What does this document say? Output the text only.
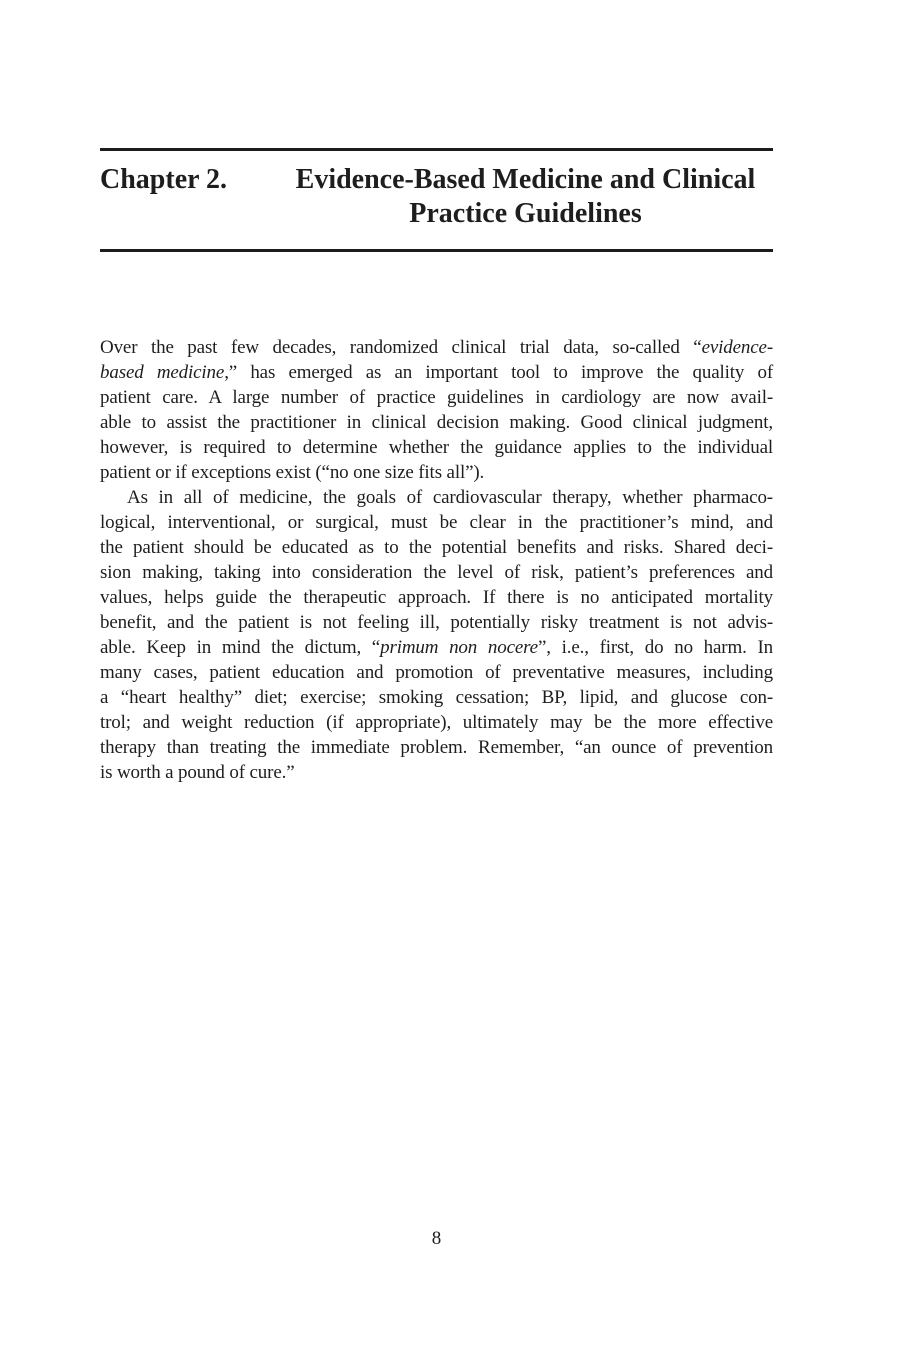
Chapter 2.	Evidence-Based Medicine and Clinical
Practice Guidelines
Over the past few decades, randomized clinical trial data, so-called “evidence-
based medicine,” has emerged as an important tool to improve the quality of
patient care. A large number of practice guidelines in cardiology are now avail-
able to assist the practitioner in clinical decision making. Good clinical judgment,
however, is required to determine whether the guidance applies to the individual
patient or if exceptions exist (“no one size fits all”).
As in all of medicine, the goals of cardiovascular therapy, whether pharmaco-
logical, interventional, or surgical, must be clear in the practitioner’s mind, and
the patient should be educated as to the potential benefits and risks. Shared deci-
sion making, taking into consideration the level of risk, patient’s preferences and
values, helps guide the therapeutic approach. If there is no anticipated mortality
benefit, and the patient is not feeling ill, potentially risky treatment is not advis-
able. Keep in mind the dictum, “primum non nocere”, i.e., first, do no harm. In
many cases, patient education and promotion of preventative measures, including
a “heart healthy” diet; exercise; smoking cessation; BP, lipid, and glucose con-
trol; and weight reduction (if appropriate), ultimately may be the more effective
therapy than treating the immediate problem. Remember, “an ounce of prevention
is worth a pound of cure.”
8
